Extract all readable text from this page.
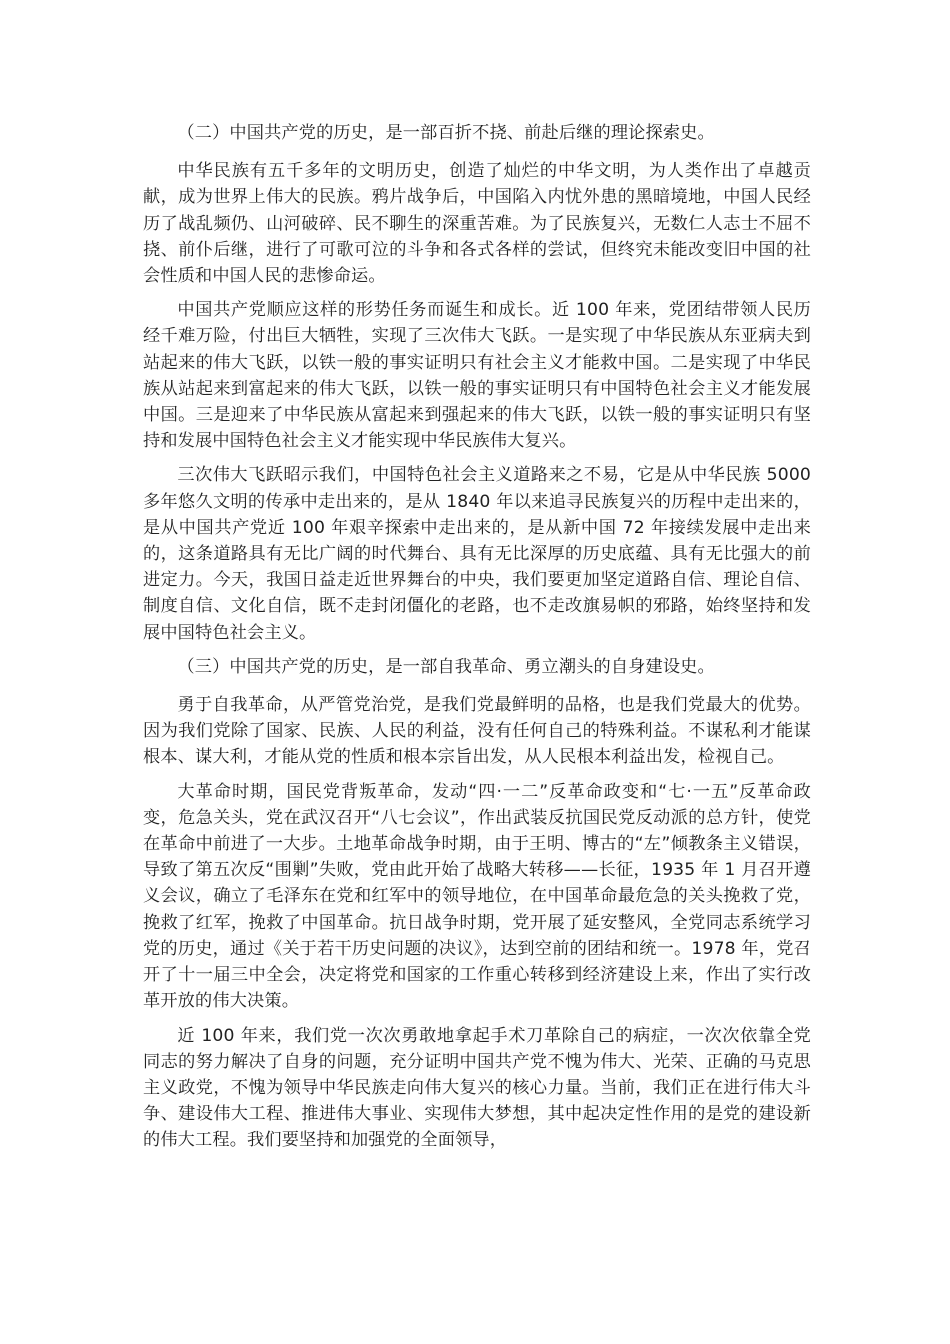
（二）中国共产党的历史，是一部百折不挠、前赴后继的理论探索史。

中华民族有五千多年的文明历史，创造了灿烂的中华文明，为人类作出了卓越贡献，成为世界上伟大的民族。鸦片战争后，中国陷入内忧外患的黑暗境地，中国人民经历了战乱频仍、山河破碎、民不聊生的深重苦难。为了民族复兴，无数仁人志士不屈不挠、前仆后继，进行了可歌可泣的斗争和各式各样的尝试，但终究未能改变旧中国的社会性质和中国人民的悲惨命运。

中国共产党顺应这样的形势任务而诞生和成长。近 100 年来，党团结带领人民历经千难万险，付出巨大牺牲，实现了三次伟大飞跃。一是实现了中华民族从东亚病夫到站起来的伟大飞跃，以铁一般的事实证明只有社会主义才能救中国。二是实现了中华民族从站起来到富起来的伟大飞跃，以铁一般的事实证明只有中国特色社会主义才能发展中国。三是迎来了中华民族从富起来到强起来的伟大飞跃，以铁一般的事实证明只有坚持和发展中国特色社会主义才能实现中华民族伟大复兴。

三次伟大飞跃昭示我们，中国特色社会主义道路来之不易，它是从中华民族 5000 多年悠久文明的传承中走出来的，是从 1840 年以来追寻民族复兴的历程中走出来的，是从中国共产党近 100 年艰辛探索中走出来的，是从新中国 72 年接续发展中走出来的，这条道路具有无比广阔的时代舞台、具有无比深厚的历史底蕴、具有无比强大的前进定力。今天，我国日益走近世界舞台的中央，我们要更加坚定道路自信、理论自信、制度自信、文化自信，既不走封闭僵化的老路，也不走改旗易帜的邪路，始终坚持和发展中国特色社会主义。

（三）中国共产党的历史，是一部自我革命、勇立潮头的自身建设史。

勇于自我革命，从严管党治党，是我们党最鲜明的品格，也是我们党最大的优势。因为我们党除了国家、民族、人民的利益，没有任何自己的特殊利益。不谋私利才能谋根本、谋大利，才能从党的性质和根本宗旨出发，从人民根本利益出发，检视自己。

大革命时期，国民党背叛革命，发动“四·一二”反革命政变和“七·一五”反革命政变，危急关头，党在武汉召开“八七会议”，作出武装反抗国民党反动派的总方针，使党在革命中前进了一大步。土地革命战争时期，由于王明、博古的“左”倾教条主义错误，导致了第五次反“围剿”失败，党由此开始了战略大转移——长征，1935 年 1 月召开遵义会议，确立了毛泽东在党和红军中的领导地位，在中国革命最危急的关头挽救了党，挽救了红军，挽救了中国革命。抗日战争时期，党开展了延安整风，全党同志系统学习党的历史，通过《关于若干历史问题的决议》，达到空前的团结和统一。1978 年，党召开了十一届三中全会，决定将党和国家的工作重心转移到经济建设上来，作出了实行改革开放的伟大决策。

近 100 年来，我们党一次次勇敢地拿起手术刀革除自己的病症，一次次依靠全党同志的努力解决了自身的问题，充分证明中国共产党不愧为伟大、光荣、正确的马克思主义政党，不愧为领导中华民族走向伟大复兴的核心力量。当前，我们正在进行伟大斗争、建设伟大工程、推进伟大事业、实现伟大梦想，其中起决定性作用的是党的建设新的伟大工程。我们要坚持和加强党的全面领导，
